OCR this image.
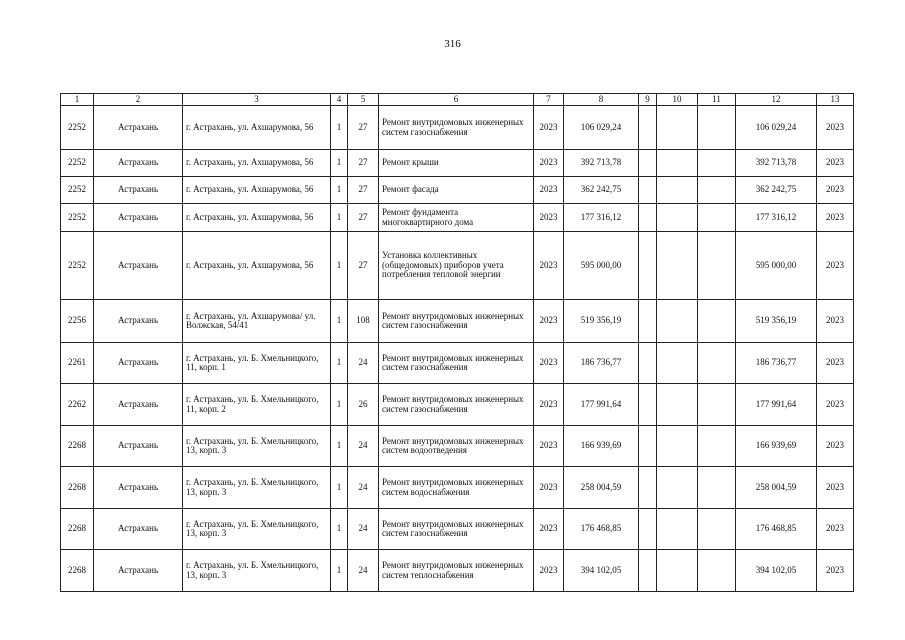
316
1	2	3	4	5	6	7	8	9	10	11	12	13
2252	Астрахань	г. Астрахань, ул. Ахшарумова, 56	1	27	Ремонт внутридомовых инженерных систем газоснабжения	2023	106 029,24				106 029,24	2023
2252	Астрахань	г. Астрахань, ул. Ахшарумова, 56	1	27	Ремонт крыши	2023	392 713,78				392 713,78	2023
2252	Астрахань	г. Астрахань, ул. Ахшарумова, 56	1	27	Ремонт фасада	2023	362 242,75				362 242,75	2023
2252	Астрахань	г. Астрахань, ул. Ахшарумова, 56	1	27	Ремонт фундамента многоквартирного дома	2023	177 316,12				177 316,12	2023
2252	Астрахань	г. Астрахань, ул. Ахшарумова, 56	1	27	Установка коллективных (общедомовых) приборов учета потребления тепловой энергии	2023	595 000,00				595 000,00	2023
2256	Астрахань	г. Астрахань, ул. Ахшарумова/ ул. Волжская, 54/41	1	108	Ремонт внутридомовых инженерных систем газоснабжения	2023	519 356,19				519 356,19	2023
2261	Астрахань	г. Астрахань, ул. Б. Хмельницкого, 11, корп. 1	1	24	Ремонт внутридомовых инженерных систем газоснабжения	2023	186 736,77				186 736,77	2023
2262	Астрахань	г. Астрахань, ул. Б. Хмельницкого, 11, корп. 2	1	26	Ремонт внутридомовых инженерных систем газоснабжения	2023	177 991,64				177 991,64	2023
2268	Астрахань	г. Астрахань, ул. Б. Хмельницкого, 13, корп. 3	1	24	Ремонт внутридомовых инженерных систем водоотведения	2023	166 939,69				166 939,69	2023
2268	Астрахань	г. Астрахань, ул. Б. Хмельницкого, 13, корп. 3	1	24	Ремонт внутридомовых инженерных систем водоснабжения	2023	258 004,59				258 004,59	2023
2268	Астрахань	г. Астрахань, ул. Б. Хмельницкого, 13, корп. 3	1	24	Ремонт внутридомовых инженерных систем газоснабжения	2023	176 468,85				176 468,85	2023
2268	Астрахань	г. Астрахань, ул. Б. Хмельницкого, 13, корп. 3	1	24	Ремонт внутридомовых инженерных систем теплоснабжения	2023	394 102,05				394 102,05	2023
